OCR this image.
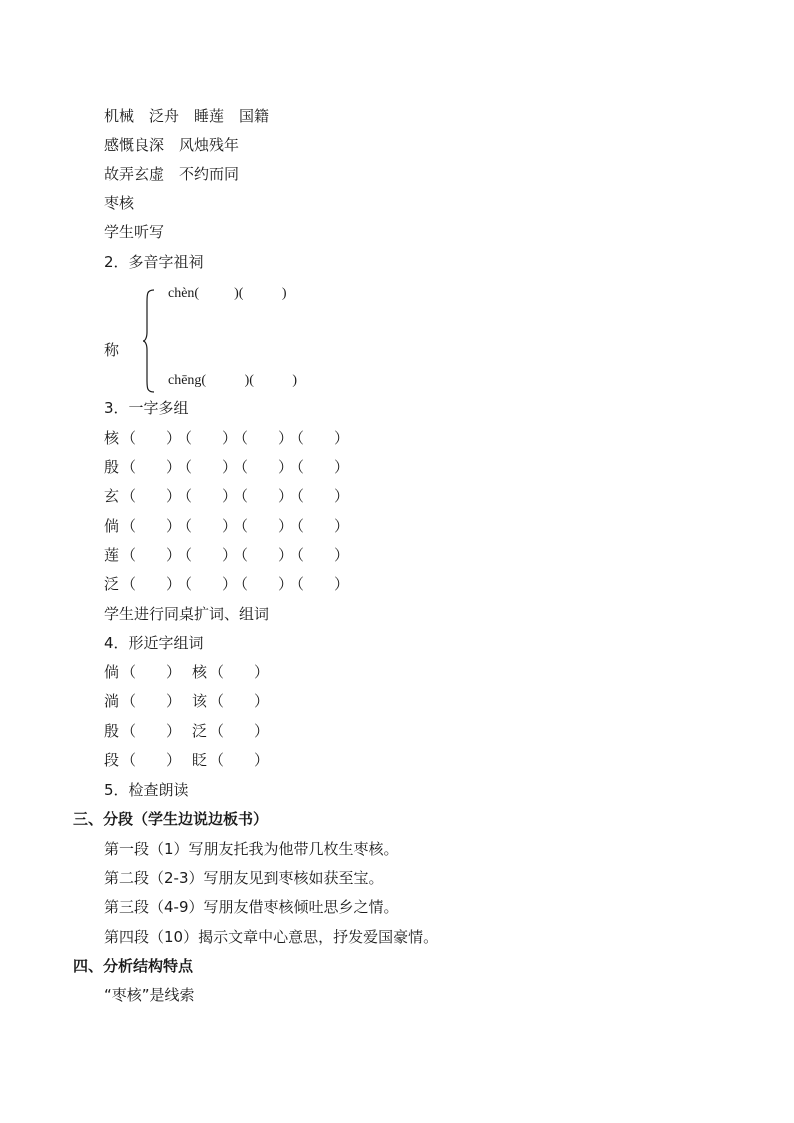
机械　泛舟　睡莲　国籍
感慨良深　风烛残年
故弄玄虚　不约而同
枣核
学生听写
2．多音字祖祠
chèn(          )(           )
称
chēng(           )(           )
3．一字多组
核 （　　）
（　　）
（　　）
（　　）
殷 （　　）
（　　）
（　　）
（　　）
玄 （　　）
（　　）
（　　）
（　　）
倘 （　　）
（　　）
（　　）
（　　）
莲 （　　）
（　　）
（　　）
（　　）
泛 （　　）
（　　）
（　　）
（　　）
学生进行同桌扩词、组词
4．形近字组词
倘 （　　） 核 （　　）
淌 （　　） 该 （　　）
殷 （　　） 泛 （　　）
段 （　　） 眨 （　　）
5．检查朗读
三、分段（学生边说边板书）
第一段（1）写朋友托我为他带几枚生枣核。
第二段（2-3）写朋友见到枣核如获至宝。
第三段（4-9）写朋友借枣核倾吐思乡之情。
第四段（10）揭示文章中心意思，抒发爱国豪情。
四、分析结构特点
“枣核”是线索
